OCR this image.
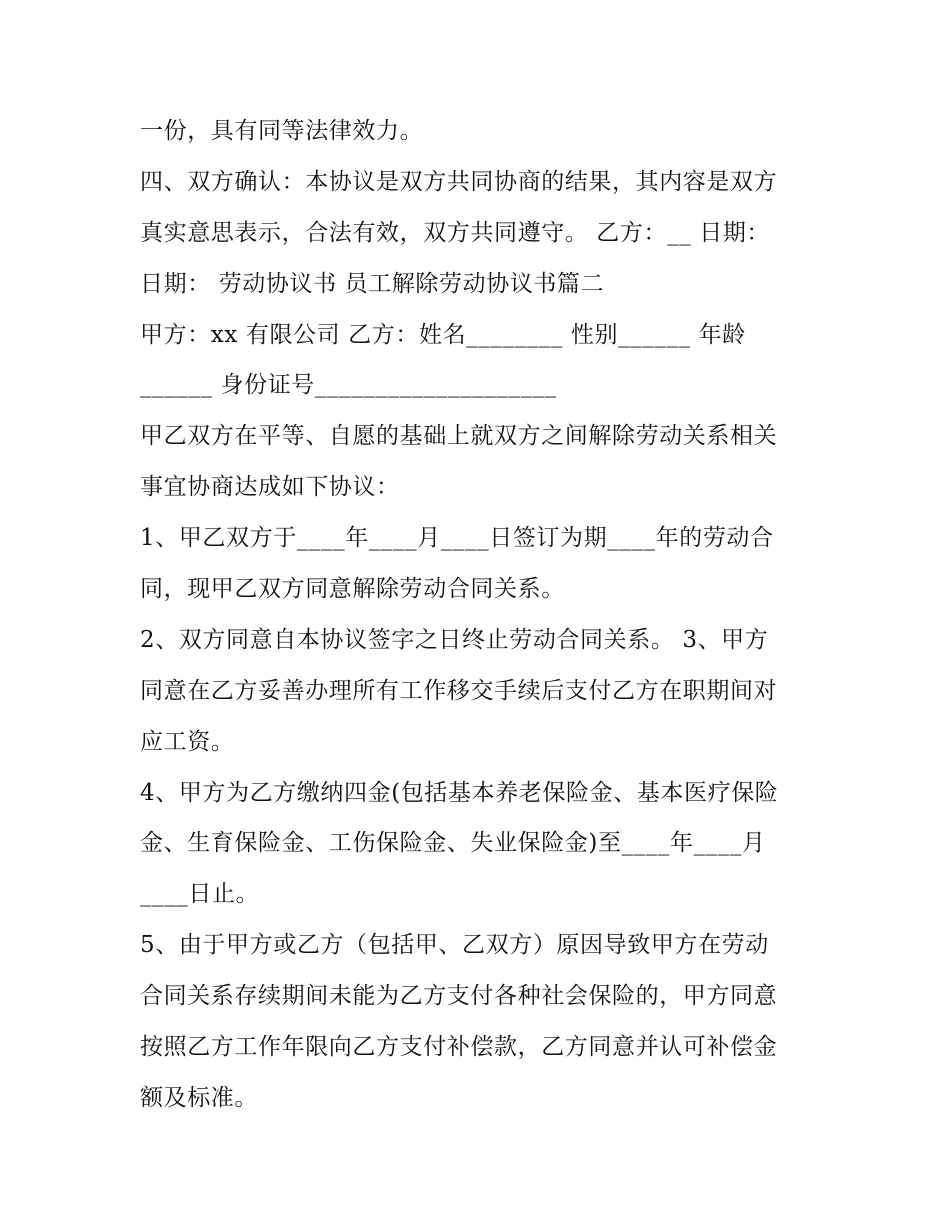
一份，具有同等法律效力。
四、双方确认：本协议是双方共同协商的结果，其内容是双方
真实意思表示，合法有效，双方共同遵守。 乙方：__ 日期：
日期： 劳动协议书 员工解除劳动协议书篇二
甲方：xx 有限公司 乙方：姓名________ 性别______ 年龄
______ 身份证号____________________
甲乙双方在平等、自愿的基础上就双方之间解除劳动关系相关
事宜协商达成如下协议：
1、甲乙双方于____年____月____日签订为期____年的劳动合
同，现甲乙双方同意解除劳动合同关系。
2、双方同意自本协议签字之日终止劳动合同关系。 3、甲方
同意在乙方妥善办理所有工作移交手续后支付乙方在职期间对
应工资。
4、甲方为乙方缴纳四金(包括基本养老保险金、基本医疗保险
金、生育保险金、工伤保险金、失业保险金)至____年____月
____日止。
5、由于甲方或乙方（包括甲、乙双方）原因导致甲方在劳动
合同关系存续期间未能为乙方支付各种社会保险的，甲方同意
按照乙方工作年限向乙方支付补偿款，乙方同意并认可补偿金
额及标准。
